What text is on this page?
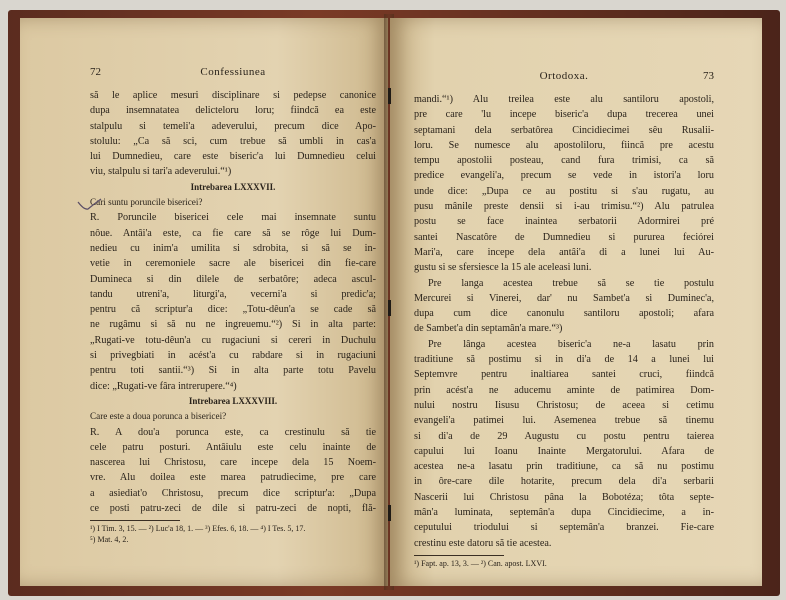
72	Confessiunea
să le aplice mesuri disciplinare si pedepse canonice
dupa insemnatatea delicteloru loru; fiindcă ea este
stalpulu si temeli'a adeverului, precum dice Apo-
stolulu: „Ca să sci, cum trebue să umbli in cas'a
lui Dumnedieu, care este biseric'a lui Dumnedieu celui
viu, stalpulu si tari'a adeverului.“¹)
Intrebarea LXXXVII.
Cari suntu poruncile bisericei?
R. Poruncile bisericei cele mai insemnate suntu
nôue. Antâi'a este, ca fie care să se rôge lui Dum-
nedieu cu inim'a umilita si sdrobita, si să se in-
vetie in ceremoniele sacre ale bisericei din fie-care
Dumineca si din dilele de serbatôre; adeca ascul-
tandu utreni'a, liturgi'a, vecerni'a si predic'a;
pentru că scriptur'a dice: „Totu-dêun'a se cade să
ne rugâmu si să nu ne ingreuemu.“²) Si in alta parte:
„Rugati-ve totu-dêun'a cu rugaciuni si cereri in Duchulu
si privegbiati in acést'a cu rabdare si in rugaciuni
pentru toti santii.“³) Si in alta parte totu Pavelu
dice: „Rugati-ve fâra intrerupere.“⁴)
Intrebarea LXXXVIII.
Care este a doua porunca a bisericei?
R. A dou'a porunca este, ca crestinulu să tie
cele patru posturi. Antâiulu este celu inainte de
nascerea lui Christosu, care incepe dela 15 Noem-
vre. Alu doilea este marea patrudiecime, pre care
a asiediat'o Christosu, precum dice scriptur'a: „Dupa
ce posti patru-zeci de dile si patru-zeci de nopti, flă-
¹) I Tim. 3, 15. — ²) Luc'a 18, 1. — ³) Efes. 6, 18. — ⁴) I Tes. 5, 17.
⁵) Mat. 4, 2.
Ortodoxa.	73
mandi.“¹) Alu treilea este alu santiloru apostoli,
pre care 'lu incepe biseric'a dupa trecerea unei
septamani dela serbatôrea Cincidiecimei sêu Rusalii-
loru. Se numesce alu apostoliloru, fiincă pre acestu
tempu apostolii posteau, cand fura trimisi, ca să
predice evangeli'a, precum se vede in istori'a loru
unde dice: „Dupa ce au postitu si s'au rugatu, au
pusu mânile preste densii si i-au trimisu.“²) Alu patrulea
postu se face inaintea serbatorii Adormirei pré
santei Nascatôre de Dumnedieu si pururea feciórei
Mari'a, care incepe dela antâi'a di a lunei lui Au-
gustu si se sfersiesce la 15 ale aceleasi luni.
Pre langa acestea trebue să se tie postulu
Mercurei si Vinerei, dar' nu Sambet'a si Duminec'a,
dupa cum dice canonulu santiloru apostoli; afara
de Sambet'a din septamân'a mare.“³)
Pre lânga acestea biseric'a ne-a lasatu prin
traditiune să postimu si in di'a de 14 a lunei lui
Septemvre pentru inaltiarea santei cruci, fiindcă
prin acést'a ne aducemu aminte de patimirea Dom-
nului nostru Iisusu Christosu; de aceea si cetimu
evangeli'a patimei lui. Asemenea trebue să tinemu
si di'a de 29 Augustu cu postu pentru taierea
capului lui Ioanu Inainte Mergatorului. Afara de
acestea ne-a lasatu prin traditiune, ca să nu postimu
in ôre-care dile hotarite, precum dela di'a serbarii
Nascerii lui Christosu pâna la Bobotéza; tôta septe-
mân'a luminata, septemân'a dupa Cincidiecime, a in-
ceputului triodului si septemân'a branzei. Fie-care
crestinu este datoru să tie acestea.
¹) Fapt. ap. 13, 3. — ²) Can. apost. LXVI.
